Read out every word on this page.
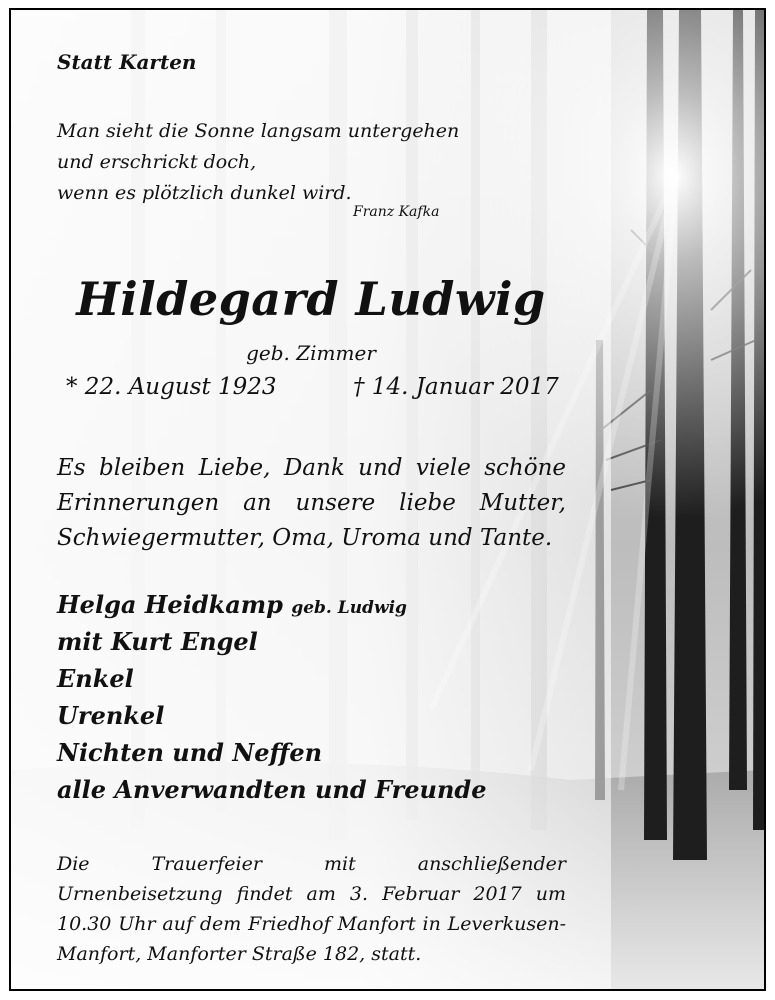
Statt Karten
Man sieht die Sonne langsam untergehen
und erschrickt doch,
wenn es plötzlich dunkel wird.
Franz Kafka
Hildegard Ludwig
geb. Zimmer
* 22. August 1923	† 14. Januar 2017
Es bleiben Liebe, Dank und viele schöne Erinnerungen an unsere liebe Mutter, Schwiegermutter, Oma, Uroma und Tante.
Helga Heidkamp geb. Ludwig
mit Kurt Engel
Enkel
Urenkel
Nichten und Neffen
alle Anverwandten und Freunde
Die Trauerfeier mit anschließender Urnenbeisetzung findet am 3. Februar 2017 um 10.30 Uhr auf dem Friedhof Manfort in Leverkusen-Manfort, Manforter Straße 182, statt.
